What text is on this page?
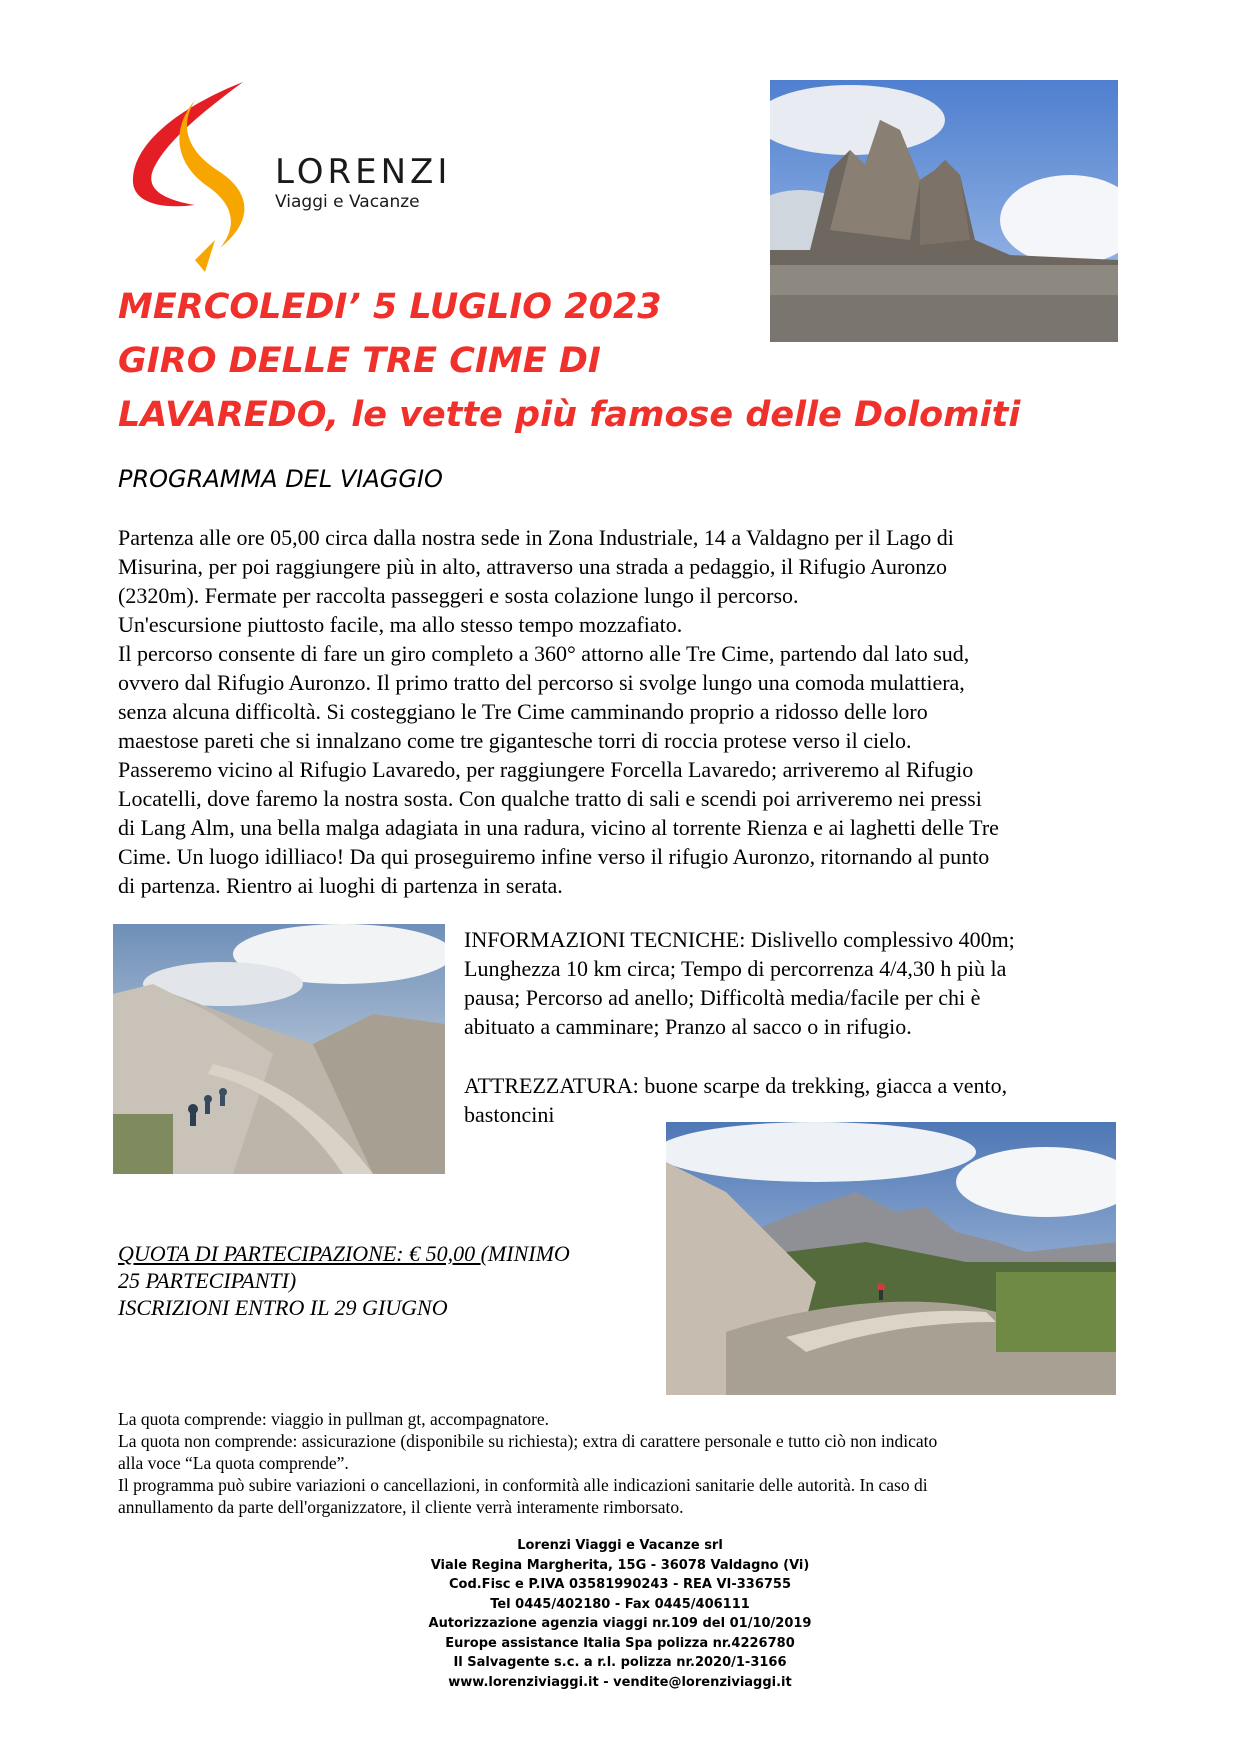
LORENZI
Viaggi e Vacanze
MERCOLEDI’ 5 LUGLIO 2023
GIRO DELLE TRE CIME DI
LAVAREDO, le vette più famose delle Dolomiti
PROGRAMMA DEL VIAGGIO
Partenza alle ore 05,00 circa dalla nostra sede in Zona Industriale, 14 a Valdagno per il Lago di
Misurina, per poi raggiungere più in alto, attraverso una strada a pedaggio, il Rifugio Auronzo
(2320m). Fermate per raccolta passeggeri e sosta colazione lungo il percorso.
Un'escursione piuttosto facile, ma allo stesso tempo mozzafiato.
Il percorso consente di fare un giro completo a 360° attorno alle Tre Cime, partendo dal lato sud,
ovvero dal Rifugio Auronzo. Il primo tratto del percorso si svolge lungo una comoda mulattiera,
senza alcuna difficoltà. Si costeggiano le Tre Cime camminando proprio a ridosso delle loro
maestose pareti che si innalzano come tre gigantesche torri di roccia protese verso il cielo.
Passeremo vicino al Rifugio Lavaredo, per raggiungere Forcella Lavaredo; arriveremo al Rifugio
Locatelli, dove faremo la nostra sosta. Con qualche tratto di sali e scendi poi arriveremo nei pressi
di Lang Alm, una bella malga adagiata in una radura, vicino al torrente Rienza e ai laghetti delle Tre
Cime. Un luogo idilliaco! Da qui proseguiremo infine verso il rifugio Auronzo, ritornando al punto
di partenza. Rientro ai luoghi di partenza in serata.
INFORMAZIONI TECNICHE: Dislivello complessivo 400m;
Lunghezza 10 km circa; Tempo di percorrenza 4/4,30 h più la
pausa; Percorso ad anello; Difficoltà media/facile per chi è
abituato a camminare; Pranzo al sacco o in rifugio.
ATTREZZATURA: buone scarpe da trekking, giacca a vento,
bastoncini
QUOTA DI PARTECIPAZIONE: € 50,00 (MINIMO
25 PARTECIPANTI)
ISCRIZIONI ENTRO IL 29 GIUGNO
La quota comprende: viaggio in pullman gt, accompagnatore.
La quota non comprende: assicurazione (disponibile su richiesta); extra di carattere personale e tutto ciò non indicato
alla voce “La quota comprende”.
Il programma può subire variazioni o cancellazioni, in conformità alle indicazioni sanitarie delle autorità. In caso di
annullamento da parte dell'organizzatore, il cliente verrà interamente rimborsato.
Lorenzi Viaggi e Vacanze srl
Viale Regina Margherita, 15G - 36078 Valdagno (Vi)
Cod.Fisc e P.IVA 03581990243 - REA VI-336755
Tel 0445/402180 - Fax 0445/406111
Autorizzazione agenzia viaggi nr.109 del 01/10/2019
Europe assistance Italia Spa polizza nr.4226780
Il Salvagente s.c. a r.l. polizza nr.2020/1-3166
www.lorenziviaggi.it - vendite@lorenziviaggi.it
